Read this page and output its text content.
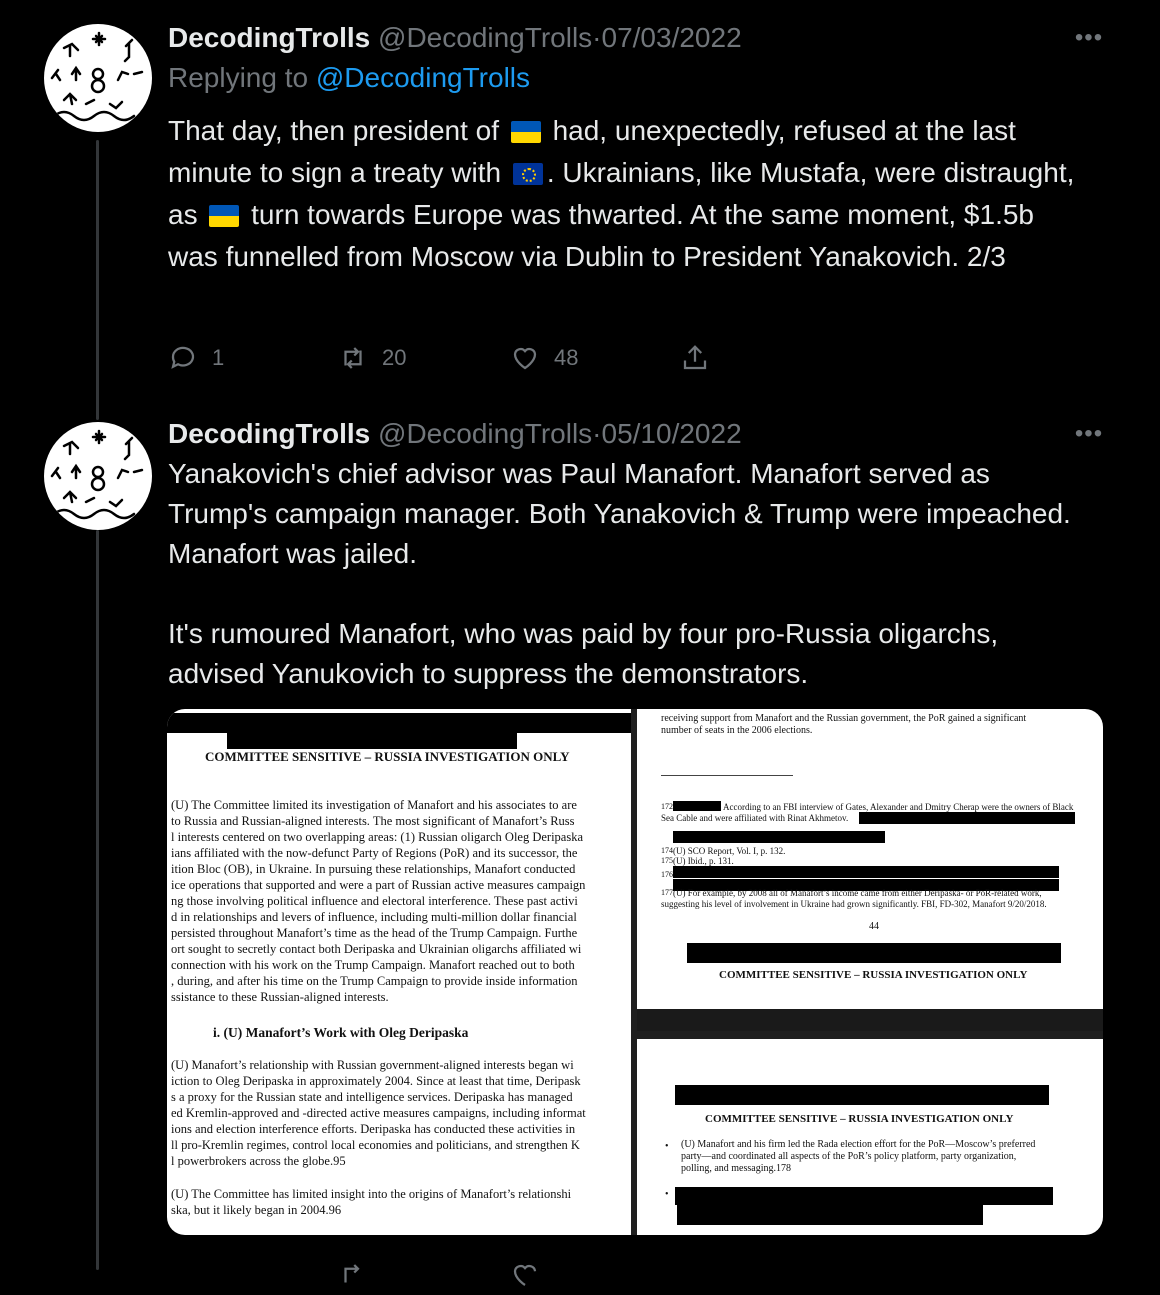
DecodingTrolls @DecodingTrolls·07/03/2022	•••
Replying to @DecodingTrolls
That day, then president of had, unexpectedly, refused at the last minute to sign a treaty with . Ukrainians, like Mustafa, were distraught, as turn towards Europe was thwarted. At the same moment, $1.5b was funnelled from Moscow via Dublin to President Yanakovich. 2/3
1	20	48
DecodingTrolls @DecodingTrolls·05/10/2022	•••
Yanakovich's chief advisor was Paul Manafort. Manafort served as Trump's campaign manager. Both Yanakovich & Trump were impeached. Manafort was jailed.
It's rumoured Manafort, who was paid by four pro-Russia oligarchs, advised Yanukovich to suppress the demonstrators.
COMMITTEE SENSITIVE – RUSSIA INVESTIGATION ONLY
(U) The Committee limited its investigation of Manafort and his associates to are
to Russia and Russian-aligned interests. The most significant of Manafort’s Russ
l interests centered on two overlapping areas: (1) Russian oligarch Oleg Deripaska
ians affiliated with the now-defunct Party of Regions (PoR) and its successor, the
ition Bloc (OB), in Ukraine. In pursuing these relationships, Manafort conducted
ice operations that supported and were a part of Russian active measures campaign
ng those involving political influence and electoral interference. These past activi
d in relationships and levers of influence, including multi-million dollar financial
persisted throughout Manafort’s time as the head of the Trump Campaign. Furthe
ort sought to secretly contact both Deripaska and Ukrainian oligarchs affiliated wi
connection with his work on the Trump Campaign. Manafort reached out to both
, during, and after his time on the Trump Campaign to provide inside information
ssistance to these Russian-aligned interests.
i. (U) Manafort’s Work with Oleg Deripaska
(U) Manafort’s relationship with Russian government-aligned interests began wi
iction to Oleg Deripaska in approximately 2004. Since at least that time, Deripask
s a proxy for the Russian state and intelligence services. Deripaska has managed
ed Kremlin-approved and -directed active measures campaigns, including informat
ions and election interference efforts. Deripaska has conducted these activities in
ll pro-Kremlin regimes, control local economies and politicians, and strengthen K
l powerbrokers across the globe.95
(U) The Committee has limited insight into the origins of Manafort’s relationshi
ska, but it likely began in 2004.96
receiving support from Manafort and the Russian government, the PoR gained a significant
number of seats in the 2006 elections.
172	According to an FBI interview of Gates, Alexander and Dmitry Cherap were the owners of Black
Sea Cable and were affiliated with Rinat Akhmetov.
174 (U) SCO Report, Vol. I, p. 132.
175 (U) Ibid., p. 131.
176
177 (U) For example, by 2008 all of Manafort’s income came from either Deripaska- or PoR-related work,
suggesting his level of involvement in Ukraine had grown significantly. FBI, FD-302, Manafort 9/20/2018.
44
COMMITTEE SENSITIVE – RUSSIA INVESTIGATION ONLY
COMMITTEE SENSITIVE – RUSSIA INVESTIGATION ONLY
• (U) Manafort and his firm led the Rada election effort for the PoR—Moscow’s preferred
party—and coordinated all aspects of the PoR’s policy platform, party organization,
polling, and messaging.178
•
